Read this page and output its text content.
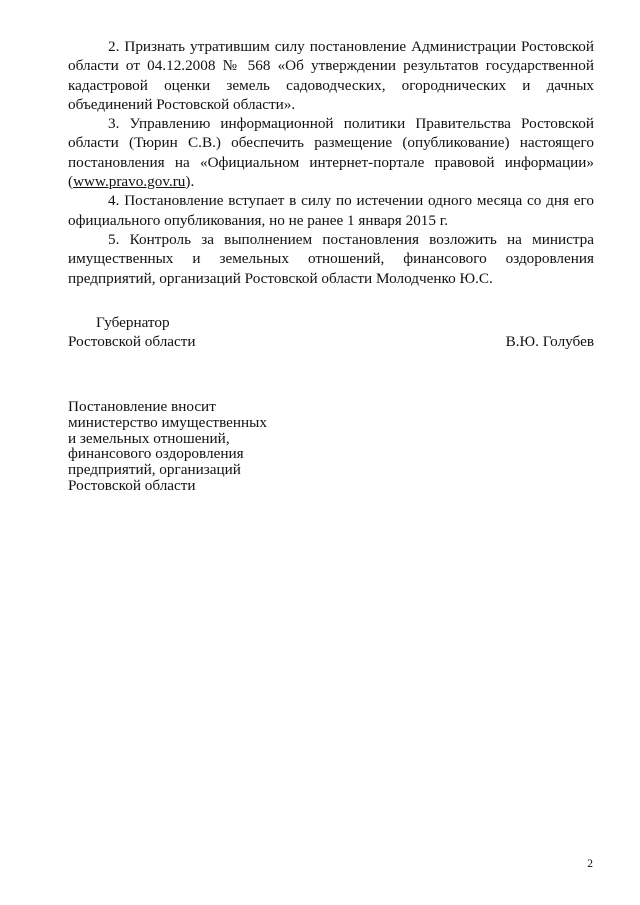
2. Признать утратившим силу постановление Администрации Ростовской области от 04.12.2008 № 568 «Об утверждении результатов государственной кадастровой оценки земель садоводческих, огороднических и дачных объединений Ростовской области».

3. Управлению информационной политики Правительства Ростовской области (Тюрин С.В.) обеспечить размещение (опубликование) настоящего постановления на «Официальном интернет-портале правовой информации» (www.pravo.gov.ru).

4. Постановление вступает в силу по истечении одного месяца со дня его официального опубликования, но не ранее 1 января 2015 г.

5. Контроль за выполнением постановления возложить на министра имущественных и земельных отношений, финансового оздоровления предприятий, организаций Ростовской области Молодченко Ю.С.

Губернатор
Ростовской области	В.Ю. Голубев
Постановление вносит
министерство имущественных
и земельных отношений,
финансового оздоровления
предприятий, организаций
Ростовской области
2
